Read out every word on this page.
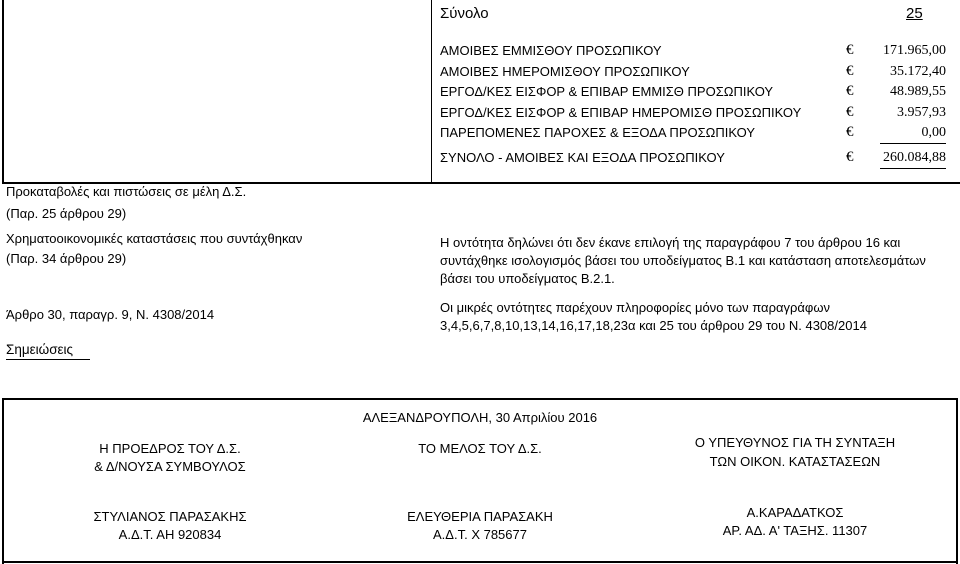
Σύνολο	25
ΑΜΟΙΒΕΣ ΕΜΜΙΣΘΟΥ ΠΡΟΣΩΠΙΚΟΥ	€ 171.965,00
ΑΜΟΙΒΕΣ ΗΜΕΡΟΜΙΣΘΟΥ ΠΡΟΣΩΠΙΚΟΥ	€	35.172,40
ΕΡΓΟΔ/ΚΕΣ ΕΙΣΦΟΡ & ΕΠΙΒΑΡ ΕΜΜΙΣΘ ΠΡΟΣΩΠΙΚΟΥ	€	48.989,55
ΕΡΓΟΔ/ΚΕΣ ΕΙΣΦΟΡ & ΕΠΙΒΑΡ ΗΜΕΡΟΜΙΣΘ ΠΡΟΣΩΠΙΚΟΥ	€	3.957,93
ΠΑΡΕΠΟΜΕΝΕΣ ΠΑΡΟΧΕΣ & ΕΞΟΔΑ ΠΡΟΣΩΠΙΚΟΥ	€	0,00
ΣΥΝΟΛΟ - ΑΜΟΙΒΕΣ ΚΑΙ ΕΞΟΔΑ ΠΡΟΣΩΠΙΚΟΥ	€ 260.084,88
Προκαταβολές και πιστώσεις σε μέλη Δ.Σ.
(Παρ. 25 άρθρου 29)
Χρηματοοικονομικές καταστάσεις που συντάχθηκαν
(Παρ. 34 άρθρου 29)
Άρθρο 30, παραγρ. 9, Ν. 4308/2014
Σημειώσεις
Η οντότητα δηλώνει ότι δεν έκανε επιλογή της παραγράφου 7 του άρθρου 16 και συντάχθηκε ισολογισμός βάσει του υποδείγματος Β.1 και κατάσταση αποτελεσμάτων βάσει του υποδείγματος Β.2.1.
Οι μικρές οντότητες παρέχουν πληροφορίες μόνο των παραγράφων
3,4,5,6,7,8,10,13,14,16,17,18,23α και 25 του άρθρου 29 του Ν. 4308/2014
ΑΛΕΞΑΝΔΡΟΥΠΟΛΗ, 30 Απριλίου 2016
Η ΠΡΟΕΔΡΟΣ ΤΟΥ Δ.Σ.
& Δ/ΝΟΥΣΑ ΣΥΜΒΟΥΛΟΣ
ΣΤΥΛΙΑΝΟΣ ΠΑΡΑΣΑΚΗΣ
Α.Δ.Τ. ΑΗ 920834
ΤΟ ΜΕΛΟΣ ΤΟΥ Δ.Σ.
ΕΛΕΥΘΕΡΙΑ ΠΑΡΑΣΑΚΗ
Α.Δ.Τ. Χ 785677
Ο ΥΠΕΥΘΥΝΟΣ ΓΙΑ ΤΗ ΣΥΝΤΑΞΗ
ΤΩΝ ΟΙΚΟΝ. ΚΑΤΑΣΤΑΣΕΩΝ
Α.ΚΑΡΑΔΑΤΚΟΣ
ΑΡ. ΑΔ. Α' ΤΑΞΗΣ. 11307
